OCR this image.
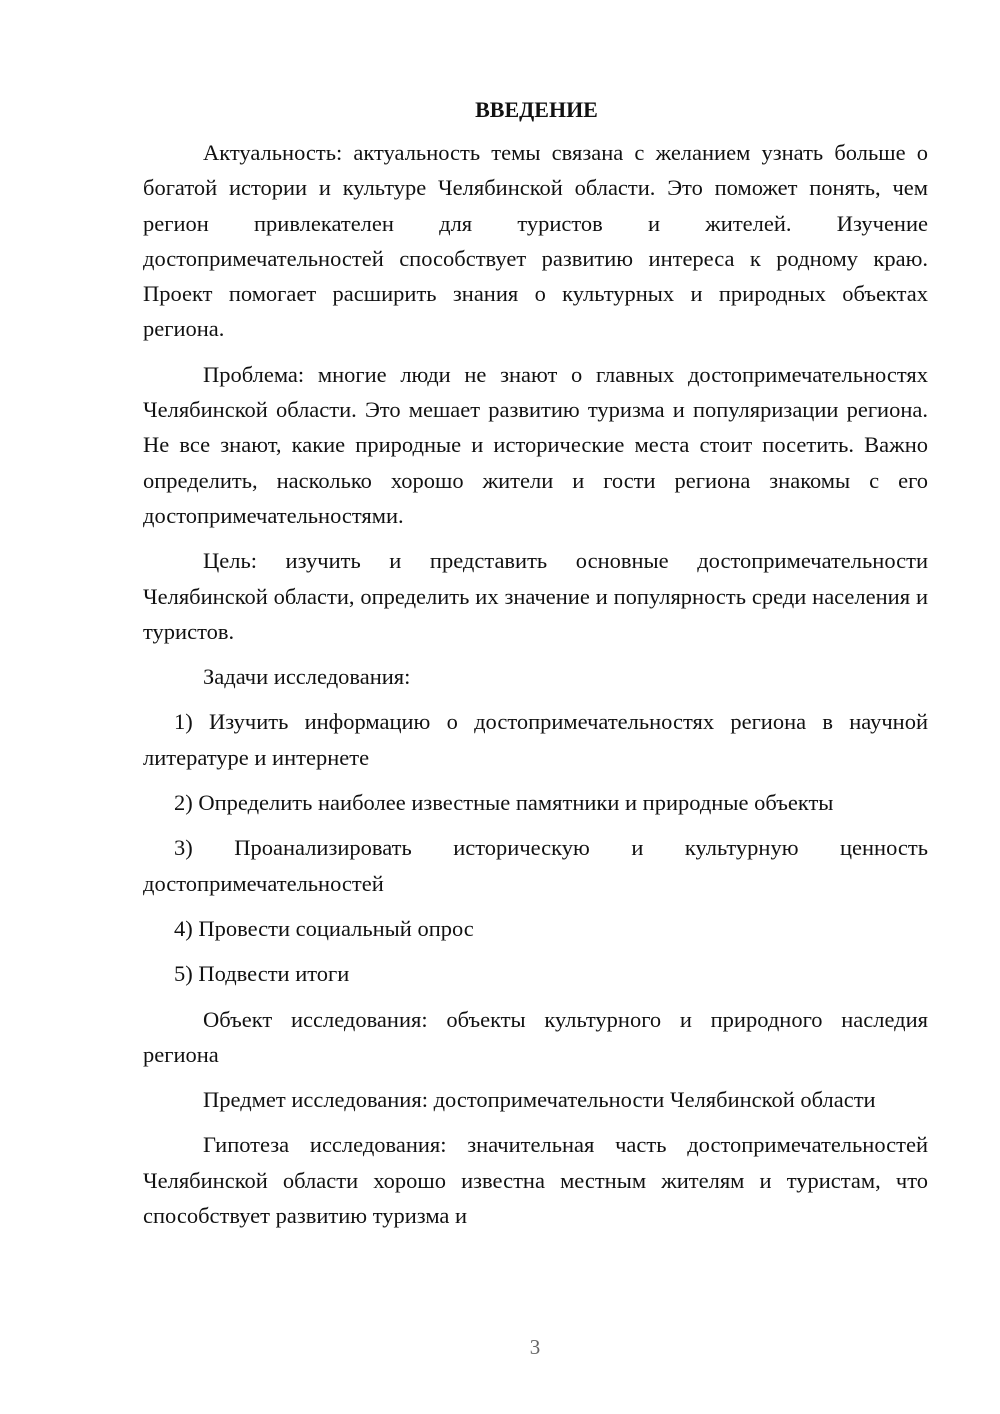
ВВЕДЕНИЕ

Актуальность: актуальность темы связана с желанием узнать больше о богатой истории и культуре Челябинской области. Это поможет понять, чем регион привлекателен для туристов и жителей. Изучение достопримечательностей способствует развитию интереса к родному краю. Проект помогает расширить знания о культурных и природных объектах региона.

Проблема: многие люди не знают о главных достопримечательностях Челябинской области. Это мешает развитию туризма и популяризации региона. Не все знают, какие природные и исторические места стоит посетить. Важно определить, насколько хорошо жители и гости региона знакомы с его достопримечательностями.

Цель: изучить и представить основные достопримечательности Челябинской области, определить их значение и популярность среди населения и туристов.

Задачи исследования:

1) Изучить информацию о достопримечательностях региона в научной литературе и интернете

2) Определить наиболее известные памятники и природные объекты

3) Проанализировать историческую и культурную ценность достопримечательностей

4) Провести социальный опрос

5) Подвести итоги

Объект исследования: объекты культурного и природного наследия региона

Предмет исследования: достопримечательности Челябинской области

Гипотеза исследования: значительная часть достопримечательностей Челябинской области хорошо известна местным жителям и туристам, что способствует развитию туризма и

3
